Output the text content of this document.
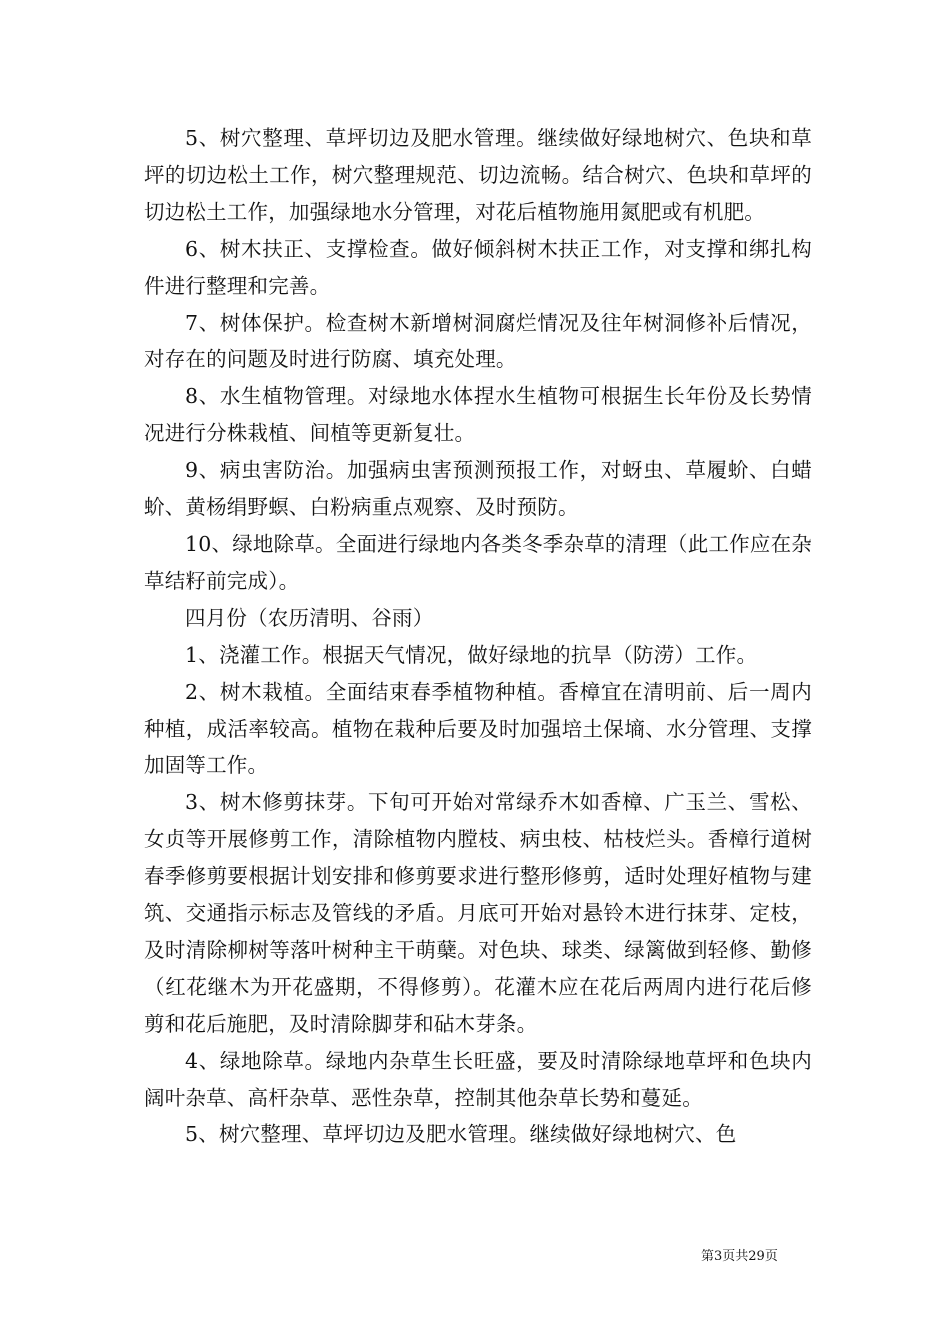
5、树穴整理、草坪切边及肥水管理。继续做好绿地树穴、色块和草坪的切边松土工作，树穴整理规范、切边流畅。结合树穴、色块和草坪的切边松土工作，加强绿地水分管理，对花后植物施用氮肥或有机肥。

6、树木扶正、支撑检查。做好倾斜树木扶正工作，对支撑和绑扎构件进行整理和完善。

7、树体保护。检查树木新增树洞腐烂情况及往年树洞修补后情况，对存在的问题及时进行防腐、填充处理。

8、水生植物管理。对绿地水体捏水生植物可根据生长年份及长势情况进行分株栽植、间植等更新复壮。

9、病虫害防治。加强病虫害预测预报工作，对蚜虫、草履蚧、白蜡蚧、黄杨绢野螟、白粉病重点观察、及时预防。

10、绿地除草。全面进行绿地内各类冬季杂草的清理（此工作应在杂草结籽前完成）。

四月份（农历清明、谷雨）

1、浇灌工作。根据天气情况，做好绿地的抗旱（防涝）工作。

2、树木栽植。全面结束春季植物种植。香樟宜在清明前、后一周内种植，成活率较高。植物在栽种后要及时加强培土保墒、水分管理、支撑加固等工作。

3、树木修剪抹芽。下旬可开始对常绿乔木如香樟、广玉兰、雪松、女贞等开展修剪工作，清除植物内膛枝、病虫枝、枯枝烂头。香樟行道树春季修剪要根据计划安排和修剪要求进行整形修剪，适时处理好植物与建筑、交通指示标志及管线的矛盾。月底可开始对悬铃木进行抹芽、定枝，及时清除柳树等落叶树种主干萌蘖。对色块、球类、绿篱做到轻修、勤修（红花继木为开花盛期，不得修剪）。花灌木应在花后两周内进行花后修剪和花后施肥，及时清除脚芽和砧木芽条。

4、绿地除草。绿地内杂草生长旺盛，要及时清除绿地草坪和色块内阔叶杂草、高杆杂草、恶性杂草，控制其他杂草长势和蔓延。

5、树穴整理、草坪切边及肥水管理。继续做好绿地树穴、色

第3页共29页
